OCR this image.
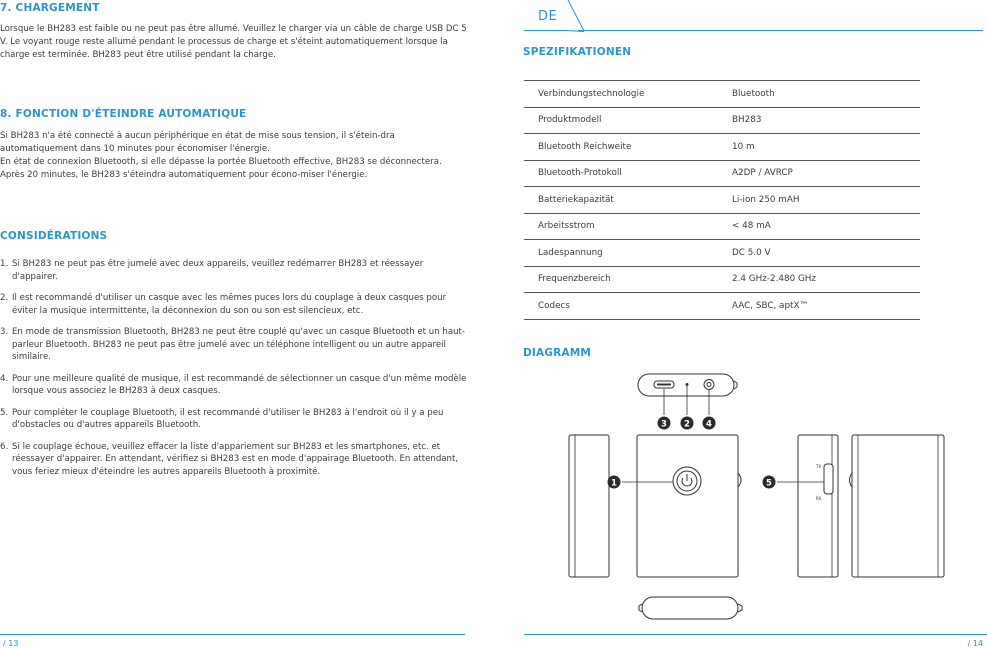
7. CHARGEMENT

Lorsque le BH283 est faible ou ne peut pas être allumé. Veuillez le charger via un câble de charge USB DC 5 V. Le voyant rouge reste allumé pendant le processus de charge et s'éteint automatiquement lorsque la charge est terminée. BH283 peut être utilisé pendant la charge.

8. FONCTION D'ÉTEINDRE AUTOMATIQUE

Si BH283 n'a été connecté à aucun périphérique en état de mise sous tension, il s'étein-dra automatiquement dans 10 minutes pour économiser l'énergie.

En état de connexion Bluetooth, si elle dépasse la portée Bluetooth effective, BH283 se déconnectera. Après 20 minutes, le BH283 s'éteindra automatiquement pour écono-miser l'énergie.

CONSIDÉRATIONS
1. Si BH283 ne peut pas être jumelé avec deux appareils, veuillez redémarrer BH283 et réessayer d'appairer.
2. Il est recommandé d'utiliser un casque avec les mêmes puces lors du couplage à deux casques pour éviter la musique intermittente, la déconnexion du son ou son est silencieux, etc.
3. En mode de transmission Bluetooth, BH283 ne peut être couplé qu'avec un casque Bluetooth et un haut-parleur Bluetooth. BH283 ne peut pas être jumelé avec un téléphone intelligent ou un autre appareil similaire.
4. Pour une meilleure qualité de musique, il est recommandé de sélectionner un casque d'un même modèle lorsque vous associez le BH283 à deux casques.
5. Pour compléter le couplage Bluetooth, il est recommandé d'utiliser le BH283 à l'endroit où il y a peu d'obstacles ou d'autres appareils Bluetooth.
6. Si le couplage échoue, veuillez effacer la liste d'appariement sur BH283 et les smartphones, etc. et réessayer d'appairer. En attendant, vérifiez si BH283 est en mode d'appairage Bluetooth. En attendant, vous feriez mieux d'éteindre les autres appareils Bluetooth à proximité.
/ 13
DE
SPEZIFIKATIONEN
Verbindungstechnologie	Bluetooth
Produktmodell	BH283
Bluetooth Reichweite	10 m
Bluetooth-Protokoll	A2DP / AVRCP
Batteriekapazität	Li-ion 250 mAH
Arbeitsstrom	< 48 mA
Ladespannung	DC 5.0 V
Frequenzbereich	2.4 GHz-2.480 GHz
Codecs	AAC, SBC, aptX™
DIAGRAMM
TX
RX
3 2 4
1	5
/ 14
